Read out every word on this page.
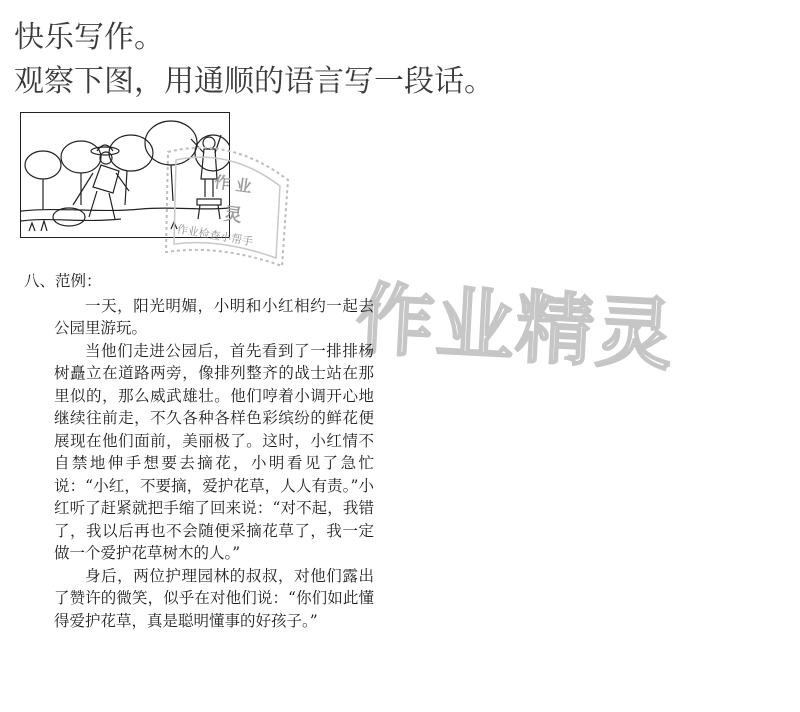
快乐写作。
观察下图，用通顺的语言写一段话。
作 业
灵
作业检查小帮手
作业精灵
八、范例：

一天，阳光明媚，小明和小红相约一起去公园里游玩。

当他们走进公园后，首先看到了一排排杨树矗立在道路两旁，像排列整齐的战士站在那里似的，那么威武雄壮。他们哼着小调开心地继续往前走，不久各种各样色彩缤纷的鲜花便展现在他们面前，美丽极了。这时，小红情不自禁地伸手想要去摘花，小明看见了急忙说：“小红，不要摘，爱护花草，人人有责。”小红听了赶紧就把手缩了回来说：“对不起，我错了，我以后再也不会随便采摘花草了，我一定做一个爱护花草树木的人。”

身后，两位护理园林的叔叔，对他们露出了赞许的微笑，似乎在对他们说：“你们如此懂得爱护花草，真是聪明懂事的好孩子。”
